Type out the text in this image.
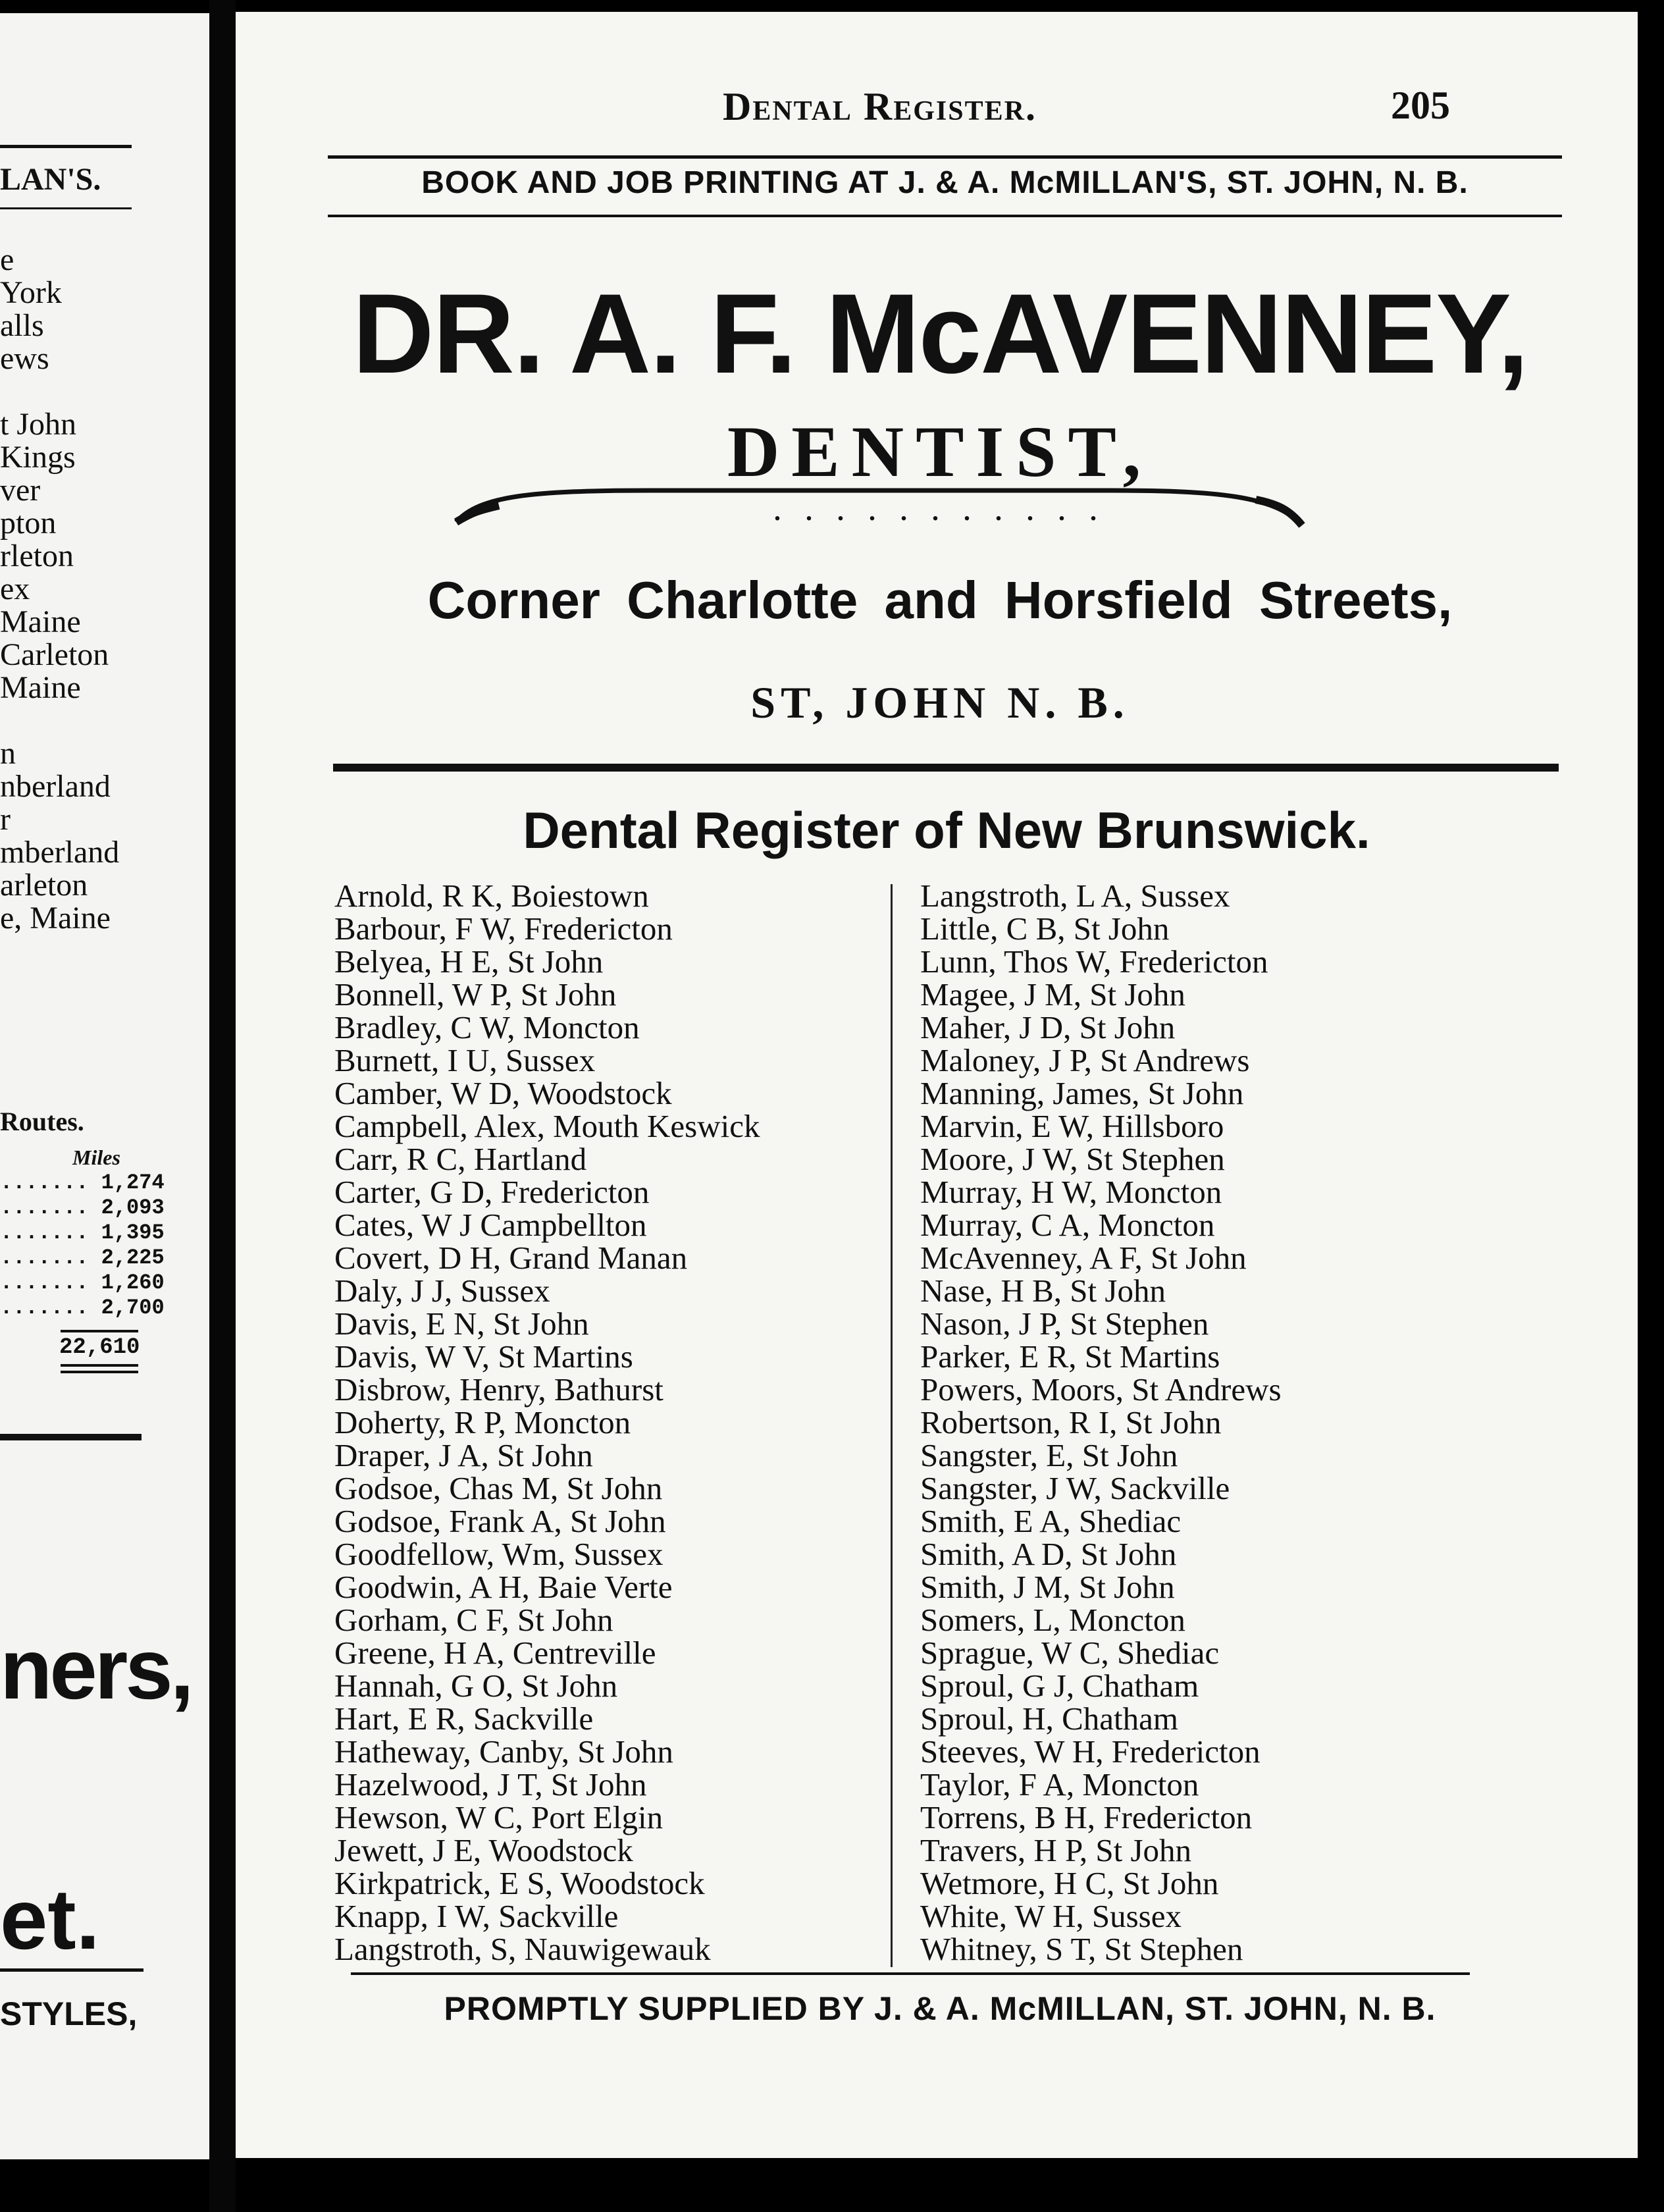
LAN'S.
e
York
alls
ews
t John
Kings
ver
pton
rleton
ex
Maine
Carleton
Maine
n
nberland
r
mberland
arleton
e, Maine
Routes.
Miles
....... 1,274
....... 2,093
....... 1,395
....... 2,225
....... 1,260
....... 2,700
22,610
ners,
et.
STYLES,
Dental Register.	205
BOOK AND JOB PRINTING AT J. & A. McMILLAN'S, ST. JOHN, N. B.
DR. A. F. McAVENNEY,
DENTIST,
. . . . . . . . . . .
Corner Charlotte and Horsfield Streets,
ST, JOHN N. B.
Dental Register of New Brunswick.
Arnold, R K, Boiestown
Barbour, F W, Fredericton
Belyea, H E, St John
Bonnell, W P, St John
Bradley, C W, Moncton
Burnett, I U, Sussex
Camber, W D, Woodstock
Campbell, Alex, Mouth Keswick
Carr, R C, Hartland
Carter, G D, Fredericton
Cates, W J Campbellton
Covert, D H, Grand Manan
Daly, J J, Sussex
Davis, E N, St John
Davis, W V, St Martins
Disbrow, Henry, Bathurst
Doherty, R P, Moncton
Draper, J A, St John
Godsoe, Chas M, St John
Godsoe, Frank A, St John
Goodfellow, Wm, Sussex
Goodwin, A H, Baie Verte
Gorham, C F, St John
Greene, H A, Centreville
Hannah, G O, St John
Hart, E R, Sackville
Hatheway, Canby, St John
Hazelwood, J T, St John
Hewson, W C, Port Elgin
Jewett, J E, Woodstock
Kirkpatrick, E S, Woodstock
Knapp, I W, Sackville
Langstroth, S, Nauwigewauk
Langstroth, L A, Sussex
Little, C B, St John
Lunn, Thos W, Fredericton
Magee, J M, St John
Maher, J D, St John
Maloney, J P, St Andrews
Manning, James, St John
Marvin, E W, Hillsboro
Moore, J W, St Stephen
Murray, H W, Moncton
Murray, C A, Moncton
McAvenney, A F, St John
Nase, H B, St John
Nason, J P, St Stephen
Parker, E R, St Martins
Powers, Moors, St Andrews
Robertson, R I, St John
Sangster, E, St John
Sangster, J W, Sackville
Smith, E A, Shediac
Smith, A D, St John
Smith, J M, St John
Somers, L, Moncton
Sprague, W C, Shediac
Sproul, G J, Chatham
Sproul, H, Chatham
Steeves, W H, Fredericton
Taylor, F A, Moncton
Torrens, B H, Fredericton
Travers, H P, St John
Wetmore, H C, St John
White, W H, Sussex
Whitney, S T, St Stephen
PROMPTLY SUPPLIED BY J. & A. McMILLAN, ST. JOHN, N. B.
